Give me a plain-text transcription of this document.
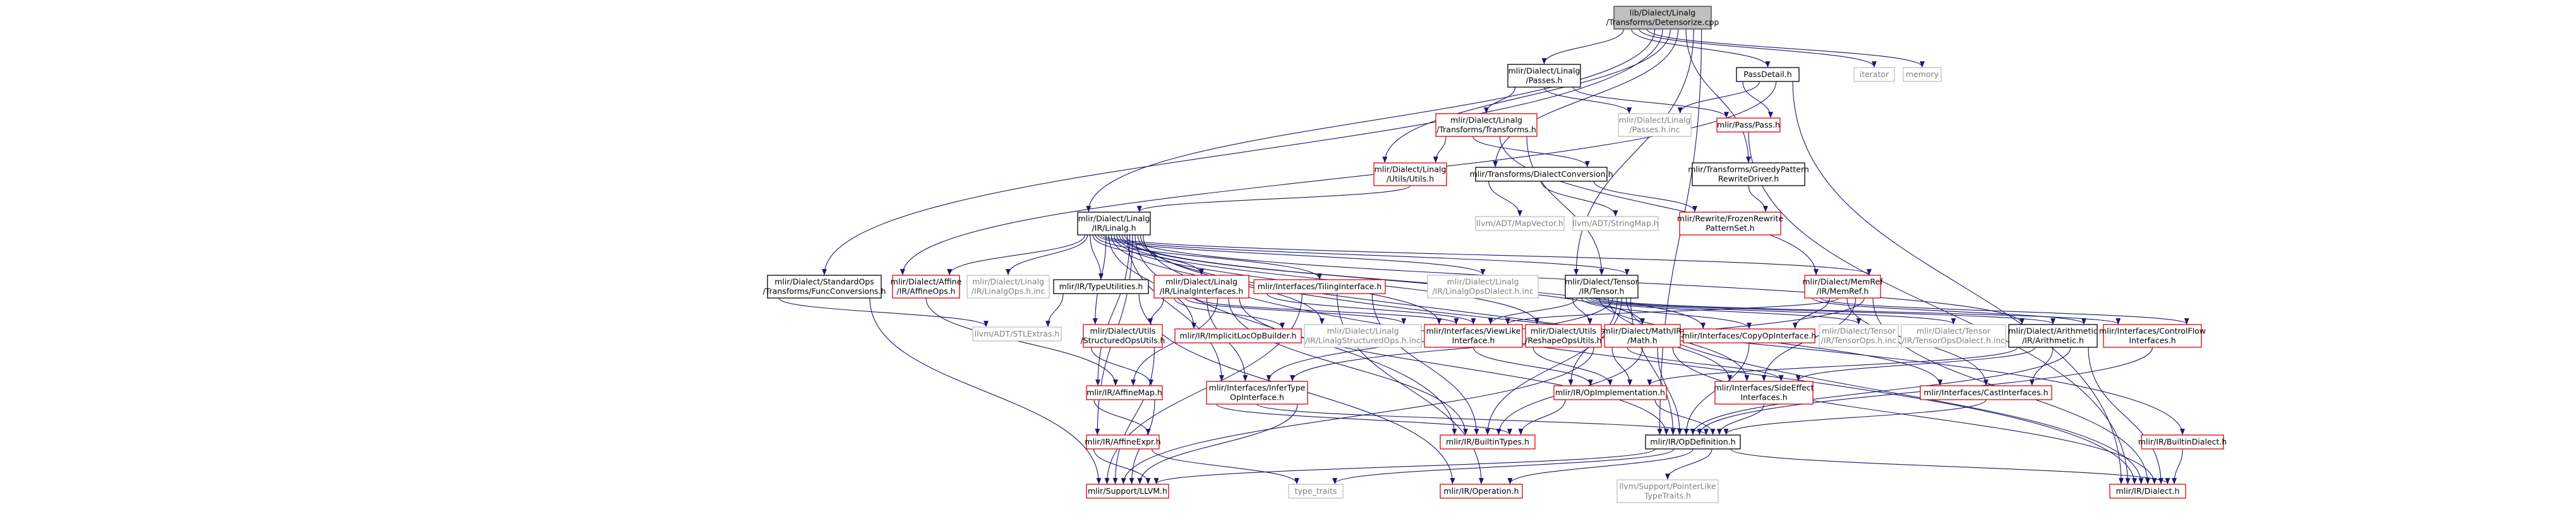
lib/Dialect/Linalg
/Transforms/Detensorize.cpp
mlir/Dialect/Linalg
/Passes.h
PassDetail.h	iterator memory
mlir/Dialect/Linalg
/Transforms/Transforms.h
mlir/Dialect/Linalg
/Passes.h.inc	mlir/Pass/Pass.h
mlir/Dialect/Linalg
/Utils/Utils.h	mlir/Transforms/DialectConversion.h	mlir/Transforms/GreedyPattern
RewriteDriver.h
llvm/ADT/MapVector.h llvm/ADT/StringMap.h mlir/Rewrite/FrozenRewrite
PatternSet.h
mlir/Dialect/Linalg
/IR/Linalg.h
mlir/Dialect/StandardOps
/Transforms/FuncConversions.h
mlir/Dialect/Affine
/IR/AffineOps.h
mlir/Dialect/Linalg
/IR/LinalgOps.h.inc mlir/IR/TypeUtilities.h	mlir/Dialect/Linalg
/IR/LinalgInterfaces.h mlir/Interfaces/TilingInterface.h	mlir/Dialect/Linalg
/IR/LinalgOpsDialect.h.inc
mlir/Dialect/Tensor
/IR/Tensor.h
mlir/Dialect/MemRef
/IR/MemRef.h
llvm/ADT/STLExtras.h	mlir/Dialect/Utils
/StructuredOpsUtils.h mlir/IR/ImplicitLocOpBuilder.h	mlir/Dialect/Linalg
/IR/LinalgStructuredOps.h.inc
mlir/Interfaces/ViewLike
Interface.h
mlir/Dialect/Utils
/ReshapeOpsUtils.h
mlir/Dialect/Math/IR
/Math.h	mlir/Interfaces/CopyOpInterface.h mlir/Dialect/Tensor
/IR/TensorOps.h.inc
mlir/Dialect/Tensor
/IR/TensorOpsDialect.h.inc
mlir/Dialect/Arithmetic
/IR/Arithmetic.h
mlir/Interfaces/ControlFlow
Interfaces.h
mlir/IR/AffineMap.h	mlir/Interfaces/InferType
OpInterface.h	mlir/IR/OpImplementation.h	mlir/Interfaces/SideEffect
Interfaces.h	mlir/Interfaces/CastInterfaces.h
mlir/IR/AffineExpr.h	mlir/IR/BuiltinTypes.h	mlir/IR/OpDefinition.h	mlir/IR/BuiltinDialect.h
mlir/Support/LLVM.h	type_traits	mlir/IR/Operation.h	llvm/Support/PointerLike
TypeTraits.h	mlir/IR/Dialect.h
